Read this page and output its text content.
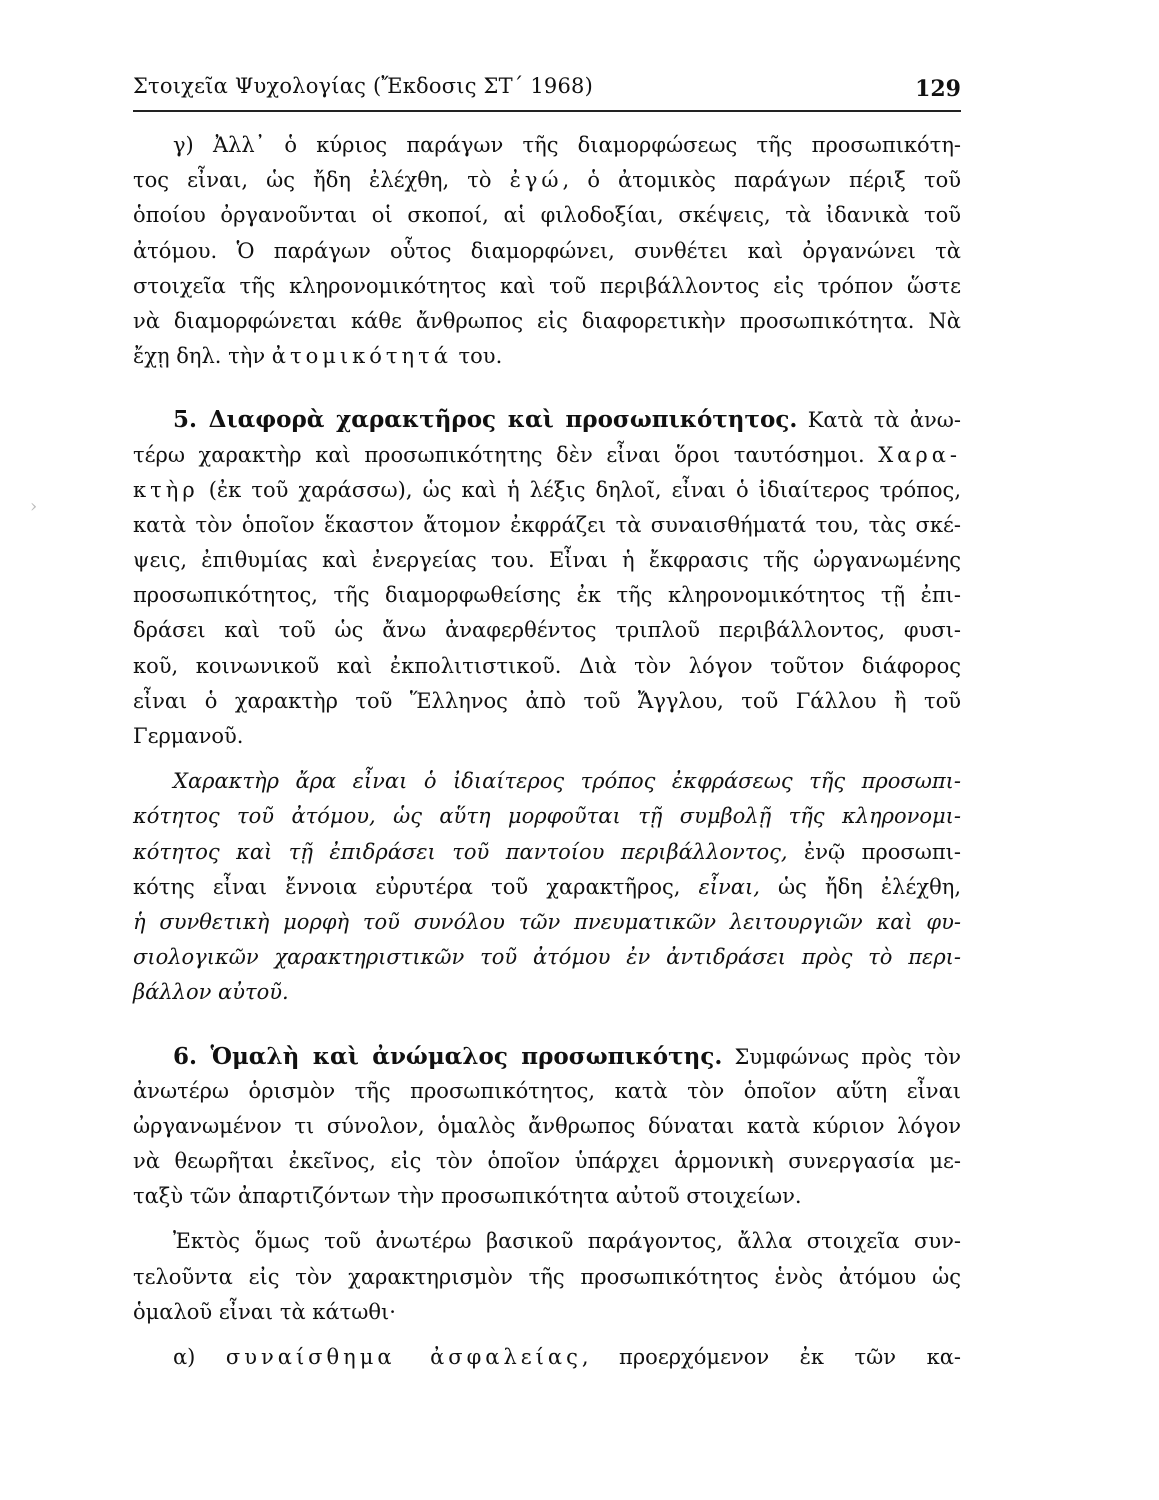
Στοιχεῖα Ψυχολογίας (Ἔκδοσις ΣΤ΄ 1968)	129
›
γ) Ἀλλ᾽ ὁ κύριος παράγων τῆς διαμορφώσεως τῆς προσωπικότη-
τος εἶναι, ὡς ἤδη ἐλέχθη, τὸ ἐγώ, ὁ ἀτομικὸς παράγων πέριξ τοῦ
ὁποίου ὀργανοῦνται οἱ σκοποί, αἱ φιλοδοξίαι, σκέψεις, τὰ ἰδανικὰ τοῦ
ἀτόμου. Ὁ παράγων οὗτος διαμορφώνει, συνθέτει καὶ ὀργανώνει τὰ
στοιχεῖα τῆς κληρονομικότητος καὶ τοῦ περιβάλλοντος εἰς τρόπον ὥστε
νὰ διαμορφώνεται κάθε ἄνθρωπος εἰς διαφορετικὴν προσωπικότητα. Νὰ
ἔχῃ δηλ. τὴν ἀτομικότητά του.
5. Διαφορὰ χαρακτῆρος καὶ προσωπικότητος. Κατὰ τὰ ἀνω-
τέρω χαρακτὴρ καὶ προσωπικότητης δὲν εἶναι ὅροι ταυτόσημοι. Χαρα-
κτὴρ (ἐκ τοῦ χαράσσω), ὡς καὶ ἡ λέξις δηλοῖ, εἶναι ὁ ἰδιαίτερος τρόπος,
κατὰ τὸν ὁποῖον ἕκαστον ἄτομον ἐκφράζει τὰ συναισθήματά του, τὰς σκέ-
ψεις, ἐπιθυμίας καὶ ἐνεργείας του. Εἶναι ἡ ἔκφρασις τῆς ὠργανωμένης
προσωπικότητος, τῆς διαμορφωθείσης ἐκ τῆς κληρονομικότητος τῇ ἐπι-
δράσει καὶ τοῦ ὡς ἄνω ἀναφερθέντος τριπλοῦ περιβάλλοντος, φυσι-
κοῦ, κοινωνικοῦ καὶ ἐκπολιτιστικοῦ. Διὰ τὸν λόγον τοῦτον διάφορος
εἶναι ὁ χαρακτὴρ τοῦ Ἕλληνος ἀπὸ τοῦ Ἄγγλου, τοῦ Γάλλου ἢ τοῦ
Γερμανοῦ.
Χαρακτὴρ ἄρα εἶναι ὁ ἰδιαίτερος τρόπος ἐκφράσεως τῆς προσωπι-
κότητος τοῦ ἀτόμου, ὡς αὕτη μορφοῦται τῇ συμβολῇ τῆς κληρονομι-
κότητος καὶ τῇ ἐπιδράσει τοῦ παντοίου περιβάλλοντος, ἐνῷ προσωπι-
κότης εἶναι ἔννοια εὐρυτέρα τοῦ χαρακτῆρος, εἶναι, ὡς ἤδη ἐλέχθη,
ἡ συνθετικὴ μορφὴ τοῦ συνόλου τῶν πνευματικῶν λειτουργιῶν καὶ φυ-
σιολογικῶν χαρακτηριστικῶν τοῦ ἀτόμου ἐν ἀντιδράσει πρὸς τὸ περι-
βάλλον αὐτοῦ.
6. Ὁμαλὴ καὶ ἀνώμαλος προσωπικότης. Συμφώνως πρὸς τὸν
ἀνωτέρω ὁρισμὸν τῆς προσωπικότητος, κατὰ τὸν ὁποῖον αὕτη εἶναι
ὠργανωμένον τι σύνολον, ὁμαλὸς ἄνθρωπος δύναται κατὰ κύριον λόγον
νὰ θεωρῆται ἐκεῖνος, εἰς τὸν ὁποῖον ὑπάρχει ἁρμονικὴ συνεργασία με-
ταξὺ τῶν ἀπαρτιζόντων τὴν προσωπικότητα αὐτοῦ στοιχείων.
Ἐκτὸς ὅμως τοῦ ἀνωτέρω βασικοῦ παράγοντος, ἄλλα στοιχεῖα συν-
τελοῦντα εἰς τὸν χαρακτηρισμὸν τῆς προσωπικότητος ἑνὸς ἀτόμου ὡς
ὁμαλοῦ εἶναι τὰ κάτωθι·
α) συναίσθημα ἀσφαλείας, προερχόμενον ἐκ τῶν κα-
